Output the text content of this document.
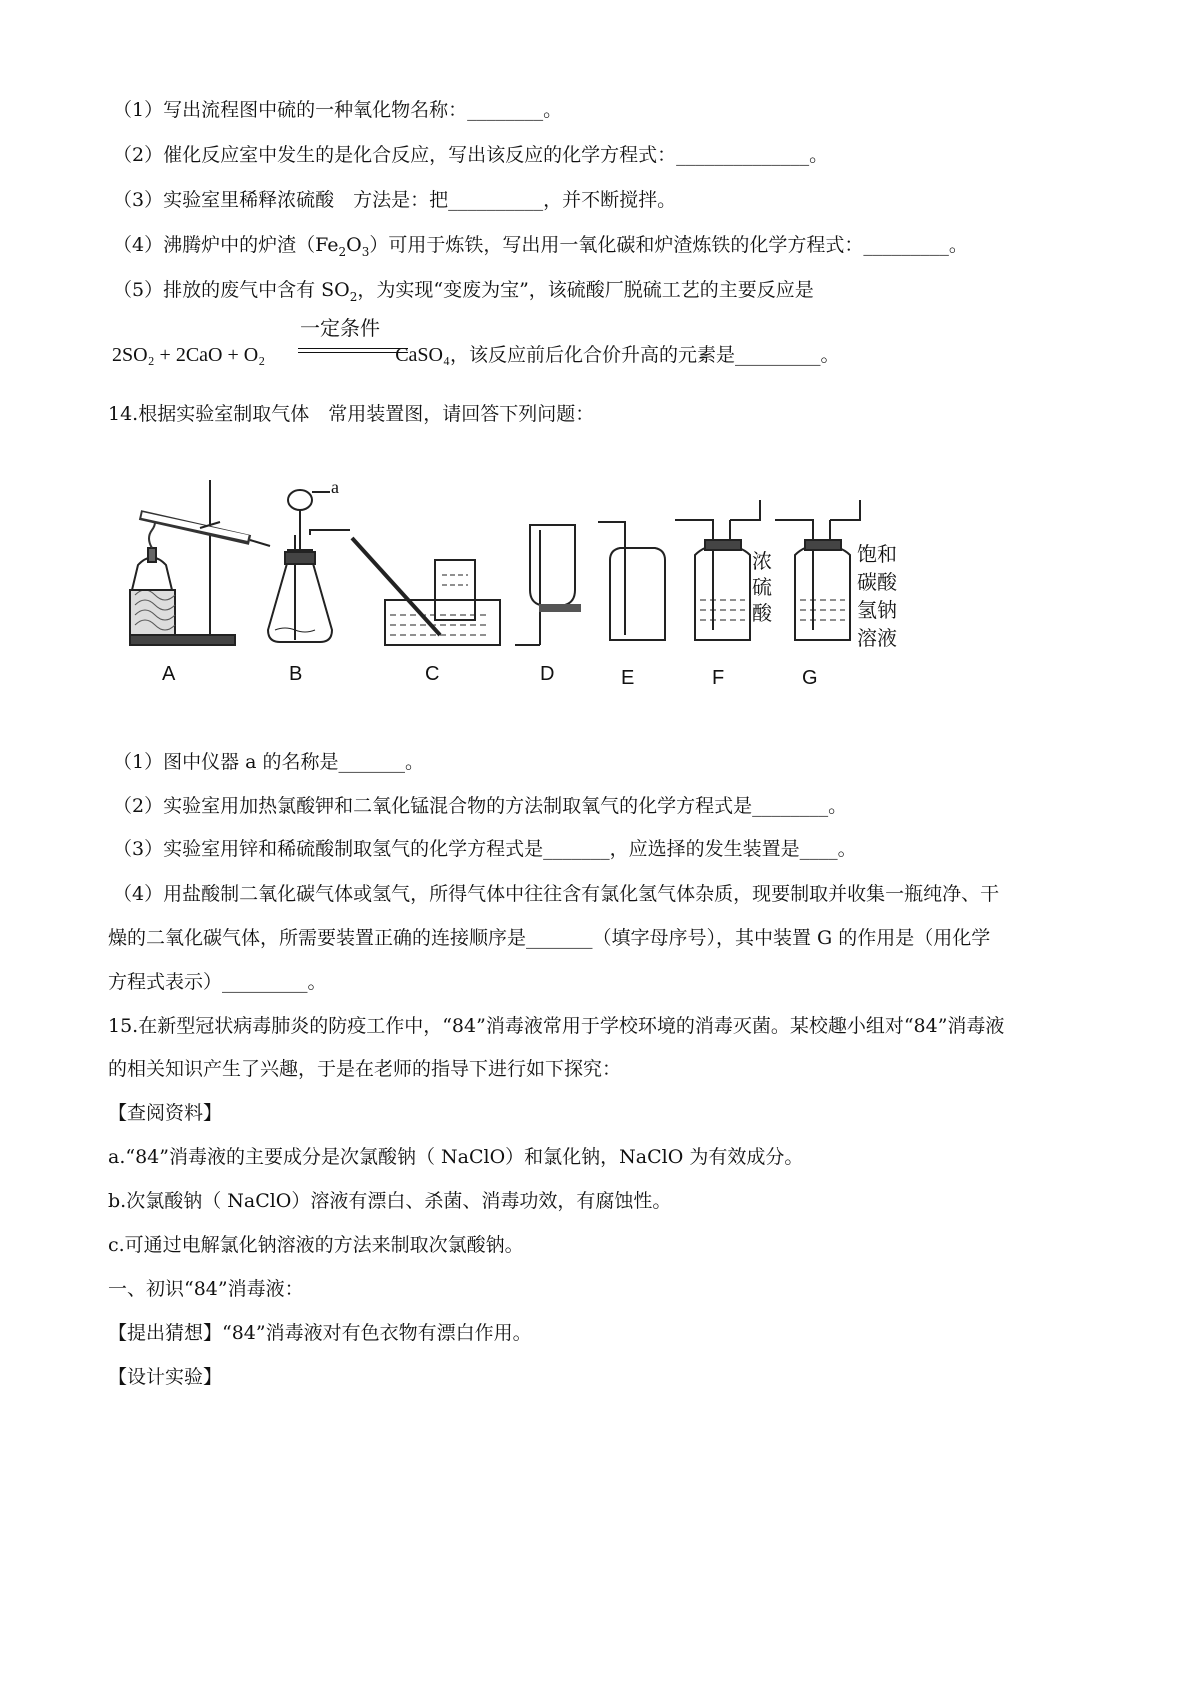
（1）写出流程图中硫的一种氧化物名称：________。
（2）催化反应室中发生的是化合反应，写出该反应的化学方程式：______________。
（3）实验室里稀释浓硫酸　方法是：把__________，并不断搅拌。
（4）沸腾炉中的炉渣$(Fe_2O_3)$可用于炼铁，写出用一氧化碳和炉渣炼铁的化学方程式：_________。
（5）排放的废气中含有 $SO_2$，为实现“变废为宝”，该硫酸厂脱硫工艺的主要反应是
2SO₂ + 2CaO + O₂
一定条件
CaSO₄，该反应前后化合价升高的元素是_________。
14.根据实验室制取气体　常用装置图，请回答下列问题：
a
浓
硫
酸
饱和
碳酸
氢钠
溶液
A	B	C	D	E	F	G
（1）图中仪器 a 的名称是_______。
（2）实验室用加热氯酸钾和二氧化锰混合物的方法制取氧气的化学方程式是________。
（3）实验室用锌和稀硫酸制取氢气的化学方程式是_______，应选择的发生装置是____。
（4）用盐酸制二氧化碳气体或氢气，所得气体中往往含有氯化氢气体杂质，现要制取并收集一瓶纯净、干
燥的二氧化碳气体，所需要装置正确的连接顺序是_______（填字母序号），其中装置 G 的作用是（用化学
方程式表示）_________。
15.在新型冠状病毒肺炎的防疫工作中，“84”消毒液常用于学校环境的消毒灭菌。某校趣小组对“84”消毒液
的相关知识产生了兴趣，于是在老师的指导下进行如下探究：
【查阅资料】
a.“84”消毒液的主要成分是次氯酸钠（ NaClO）和氯化钠，NaClO 为有效成分。
b.次氯酸钠（ NaClO）溶液有漂白、杀菌、消毒功效，有腐蚀性。
c.可通过电解氯化钠溶液的方法来制取次氯酸钠。
一、初识“84”消毒液：
【提出猜想】“84”消毒液对有色衣物有漂白作用。
【设计实验】
